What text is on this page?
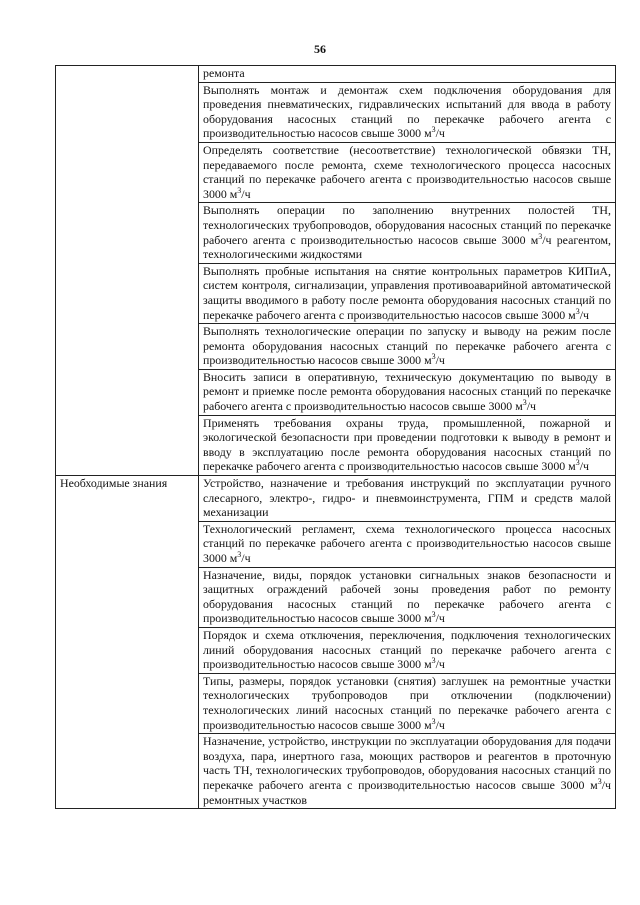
56
	ремонта
	Выполнять монтаж и демонтаж схем подключения оборудования для проведения пневматических, гидравлических испытаний для ввода в работу оборудования насосных станций по перекачке рабочего агента с производительностью насосов свыше 3000 $м^3/ч$
	Определять соответствие (несоответствие) технологической обвязки ТН, передаваемого после ремонта, схеме технологического процесса насосных станций по перекачке рабочего агента с производительностью насосов свыше 3000 $м^3/ч$
	Выполнять операции по заполнению внутренних полостей ТН, технологических трубопроводов, оборудования насосных станций по перекачке рабочего агента с производительностью насосов свыше 3000 $м^3/ч$ реагентом, технологическими жидкостями
	Выполнять пробные испытания на снятие контрольных параметров КИПиА, систем контроля, сигнализации, управления противоаварийной автоматической защиты вводимого в работу после ремонта оборудования насосных станций по перекачке рабочего агента с производительностью насосов свыше 3000 $м^3/ч$
	Выполнять технологические операции по запуску и выводу на режим после ремонта оборудования насосных станций по перекачке рабочего агента с производительностью насосов свыше 3000 $м^3/ч$
	Вносить записи в оперативную, техническую документацию по выводу в ремонт и приемке после ремонта оборудования насосных станций по перекачке рабочего агента с производительностью насосов свыше 3000 $м^3/ч$
	Применять требования охраны труда, промышленной, пожарной и экологической безопасности при проведении подготовки к выводу в ремонт и вводу в эксплуатацию после ремонта оборудования насосных станций по перекачке рабочего агента с производительностью насосов свыше 3000 $м^3/ч$
Необходимые знания	Устройство, назначение и требования инструкций по эксплуатации ручного слесарного, электро-, гидро- и пневмоинструмента, ГПМ и средств малой механизации
	Технологический регламент, схема технологического процесса насосных станций по перекачке рабочего агента с производительностью насосов свыше 3000 $м^3/ч$
	Назначение, виды, порядок установки сигнальных знаков безопасности и защитных ограждений рабочей зоны проведения работ по ремонту оборудования насосных станций по перекачке рабочего агента с производительностью насосов свыше 3000 $м^3/ч$
	Порядок и схема отключения, переключения, подключения технологических линий оборудования насосных станций по перекачке рабочего агента с производительностью насосов свыше 3000 $м^3/ч$
	Типы, размеры, порядок установки (снятия) заглушек на ремонтные участки технологических трубопроводов при отключении (подключении) технологических линий насосных станций по перекачке рабочего агента с производительностью насосов свыше 3000 $м^3/ч$
	Назначение, устройство, инструкции по эксплуатации оборудования для подачи воздуха, пара, инертного газа, моющих растворов и реагентов в проточную часть ТН, технологических трубопроводов, оборудования насосных станций по перекачке рабочего агента с производительностью насосов свыше 3000 $м^3/ч$ ремонтных участков
